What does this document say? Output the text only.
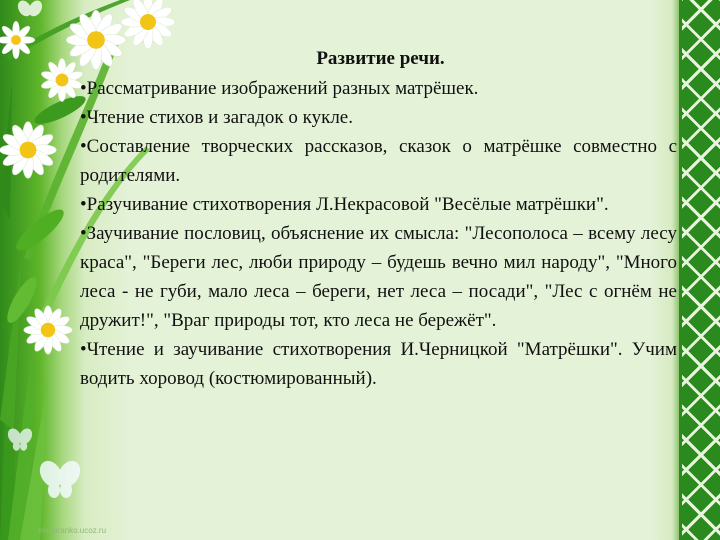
Развитие речи.

•Рассматривание изображений разных матрёшек.

•Чтение стихов и загадок о кукле.

•Составление творческих рассказов, сказок о матрёшке совместно с родителями.

•Разучивание стихотворения Л.Некрасовой "Весёлые матрёшки".

•Заучивание пословиц, объяснение их смысла: "Лесополоса – всему лесу краса", "Береги лес, люби природу – будешь вечно мил народу", "Много леса - не губи, мало леса – береги, нет леса – посади", "Лес с огнём не дружит!", "Враг природы тот, кто леса не бережёт".

•Чтение и заучивание стихотворения И.Черницкой "Матрёшки". Учим водить хоровод (костюмированный).

elenaranko.ucoz.ru
